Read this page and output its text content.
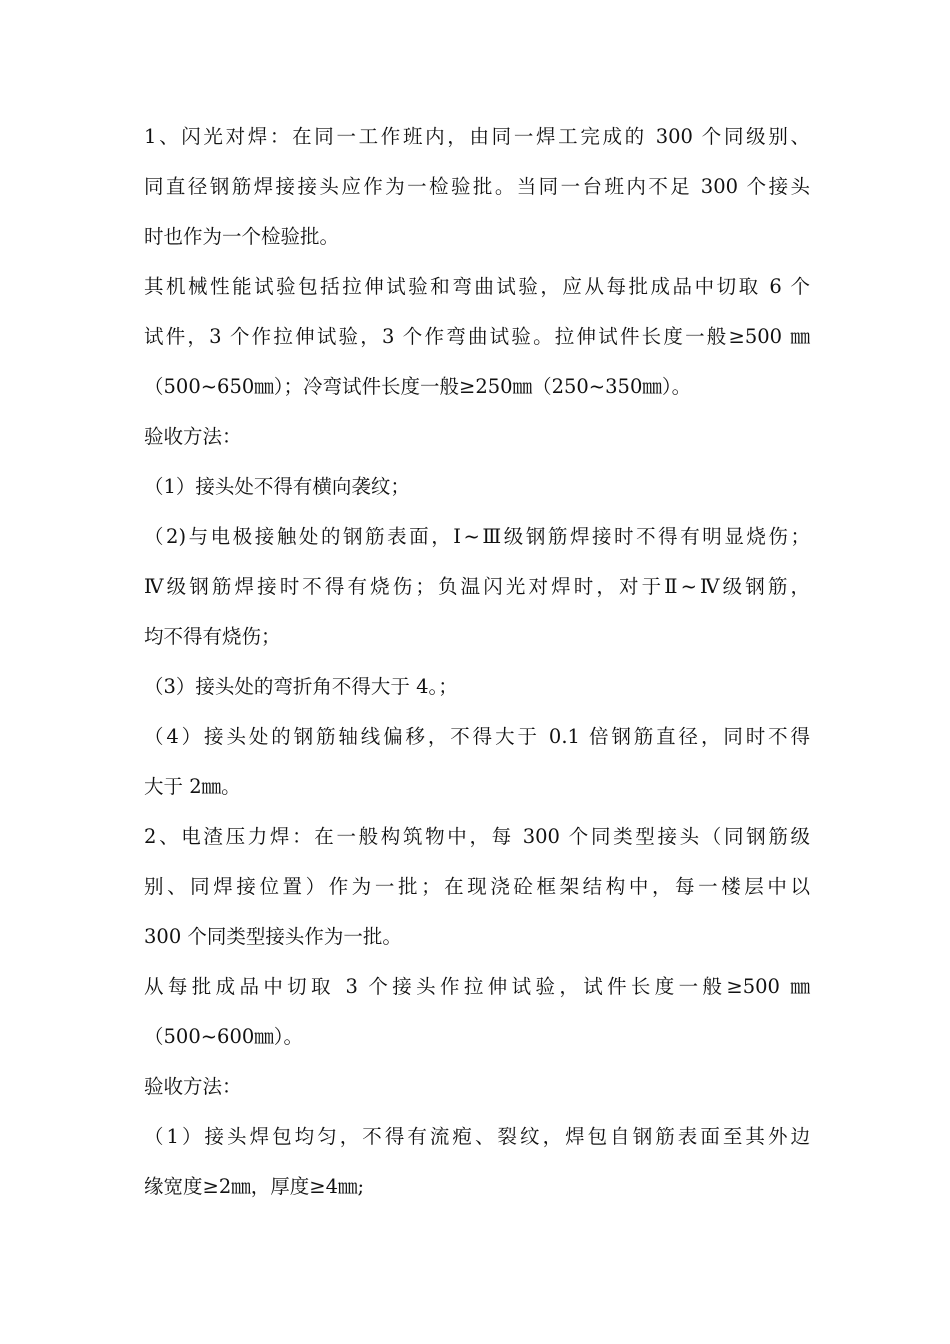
1、闪光对焊：在同一工作班内，由同一焊工完成的 300 个同级别、
同直径钢筋焊接接头应作为一检验批。当同一台班内不足 300 个接头
时也作为一个检验批。
其机械性能试验包括拉伸试验和弯曲试验，应从每批成品中切取 6 个
试件，3 个作拉伸试验，3 个作弯曲试验。拉伸试件长度一般≥500 ㎜
（500~650㎜）；冷弯试件长度一般≥250㎜（250~350㎜）。
验收方法：
（1）接头处不得有横向袭纹；
（2)与电极接触处的钢筋表面，Ⅰ~Ⅲ级钢筋焊接时不得有明显烧伤；
Ⅳ级钢筋焊接时不得有烧伤；负温闪光对焊时，对于Ⅱ~Ⅳ级钢筋，
均不得有烧伤；
（3）接头处的弯折角不得大于 4。；
（4）接头处的钢筋轴线偏移，不得大于 0.1 倍钢筋直径，同时不得
大于 2㎜。
2、电渣压力焊：在一般构筑物中，每 300 个同类型接头（同钢筋级
别、同焊接位置）作为一批；在现浇砼框架结构中，每一楼层中以
300 个同类型接头作为一批。
从每批成品中切取 3 个接头作拉伸试验，试件长度一般≥500 ㎜
（500~600㎜）。
验收方法：
（1）接头焊包均匀，不得有流疱、裂纹，焊包自钢筋表面至其外边
缘宽度≥2㎜，厚度≥4㎜;
